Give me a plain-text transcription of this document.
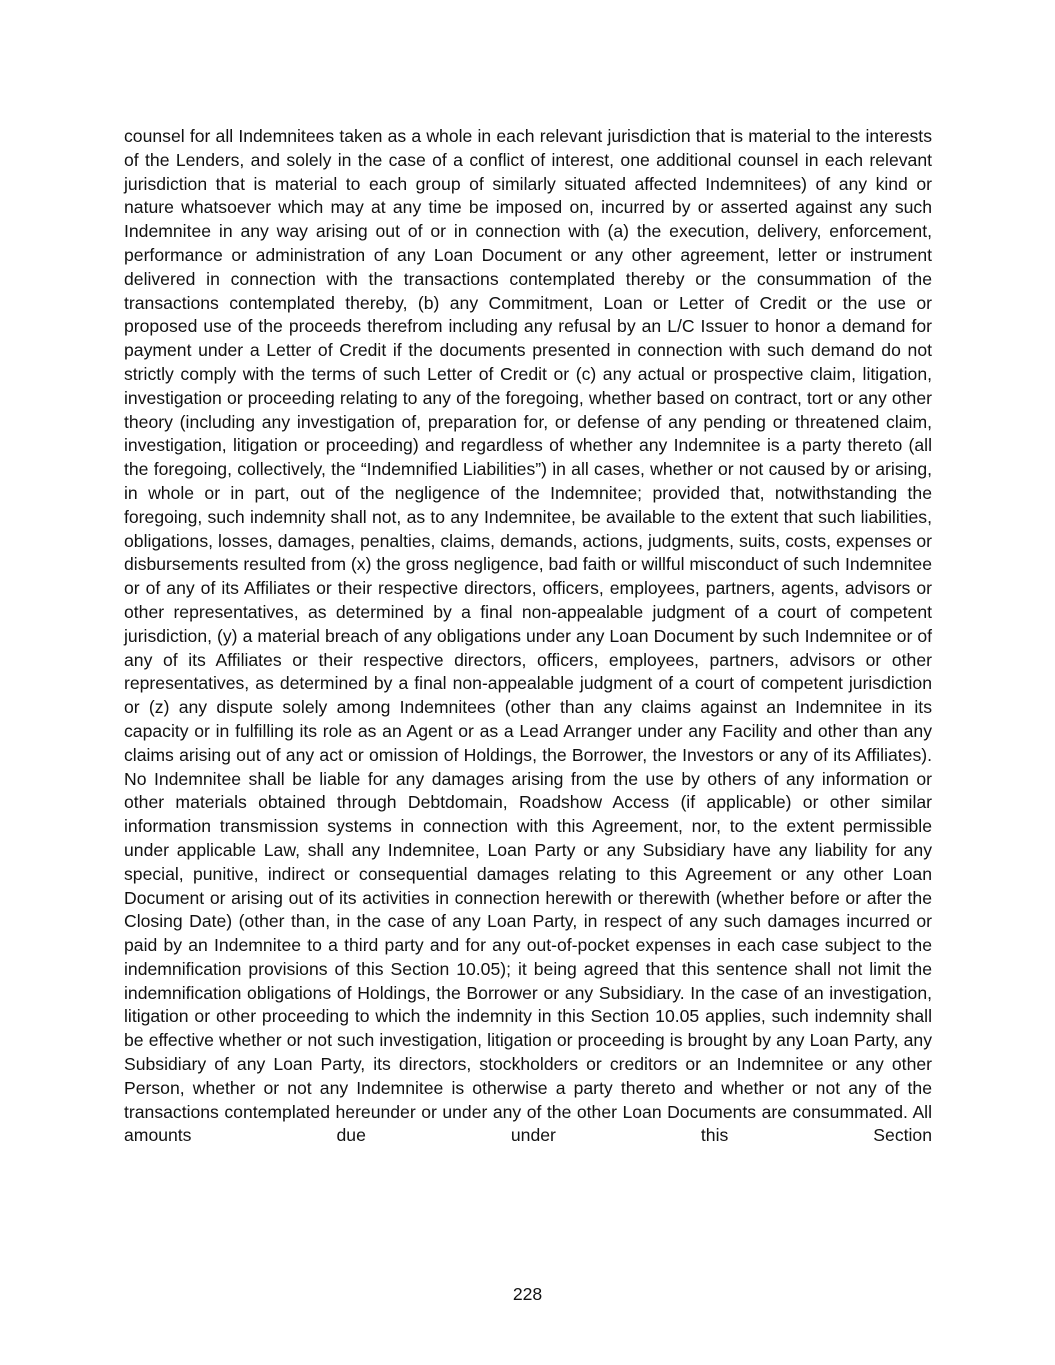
counsel for all Indemnitees taken as a whole in each relevant jurisdiction that is material to the interests of the Lenders, and solely in the case of a conflict of interest, one additional counsel in each relevant jurisdiction that is material to each group of similarly situated affected Indemnitees) of any kind or nature whatsoever which may at any time be imposed on, incurred by or asserted against any such Indemnitee in any way arising out of or in connection with (a) the execution, delivery, enforcement, performance or administration of any Loan Document or any other agreement, letter or instrument delivered in connection with the transactions contemplated thereby or the consummation of the transactions contemplated thereby, (b) any Commitment, Loan or Letter of Credit or the use or proposed use of the proceeds therefrom including any refusal by an L/C Issuer to honor a demand for payment under a Letter of Credit if the documents presented in connection with such demand do not strictly comply with the terms of such Letter of Credit or (c) any actual or prospective claim, litigation, investigation or proceeding relating to any of the foregoing, whether based on contract, tort or any other theory (including any investigation of, preparation for, or defense of any pending or threatened claim, investigation, litigation or proceeding) and regardless of whether any Indemnitee is a party thereto (all the foregoing, collectively, the “Indemnified Liabilities”) in all cases, whether or not caused by or arising, in whole or in part, out of the negligence of the Indemnitee; provided that, notwithstanding the foregoing, such indemnity shall not, as to any Indemnitee, be available to the extent that such liabilities, obligations, losses, damages, penalties, claims, demands, actions, judgments, suits, costs, expenses or disbursements resulted from (x) the gross negligence, bad faith or willful misconduct of such Indemnitee or of any of its Affiliates or their respective directors, officers, employees, partners, agents, advisors or other representatives, as determined by a final non-appealable judgment of a court of competent jurisdiction, (y) a material breach of any obligations under any Loan Document by such Indemnitee or of any of its Affiliates or their respective directors, officers, employees, partners, advisors or other representatives, as determined by a final non-appealable judgment of a court of competent jurisdiction or (z) any dispute solely among Indemnitees (other than any claims against an Indemnitee in its capacity or in fulfilling its role as an Agent or as a Lead Arranger under any Facility and other than any claims arising out of any act or omission of Holdings, the Borrower, the Investors or any of its Affiliates). No Indemnitee shall be liable for any damages arising from the use by others of any information or other materials obtained through Debtdomain, Roadshow Access (if applicable) or other similar information transmission systems in connection with this Agreement, nor, to the extent permissible under applicable Law, shall any Indemnitee, Loan Party or any Subsidiary have any liability for any special, punitive, indirect or consequential damages relating to this Agreement or any other Loan Document or arising out of its activities in connection herewith or therewith (whether before or after the Closing Date) (other than, in the case of any Loan Party, in respect of any such damages incurred or paid by an Indemnitee to a third party and for any out-of-pocket expenses in each case subject to the indemnification provisions of this Section 10.05); it being agreed that this sentence shall not limit the indemnification obligations of Holdings, the Borrower or any Subsidiary. In the case of an investigation, litigation or other proceeding to which the indemnity in this Section 10.05 applies, such indemnity shall be effective whether or not such investigation, litigation or proceeding is brought by any Loan Party, any Subsidiary of any Loan Party, its directors, stockholders or creditors or an Indemnitee or any other Person, whether or not any Indemnitee is otherwise a party thereto and whether or not any of the transactions contemplated hereunder or under any of the other Loan Documents are consummated. All amounts due under this Section

228
